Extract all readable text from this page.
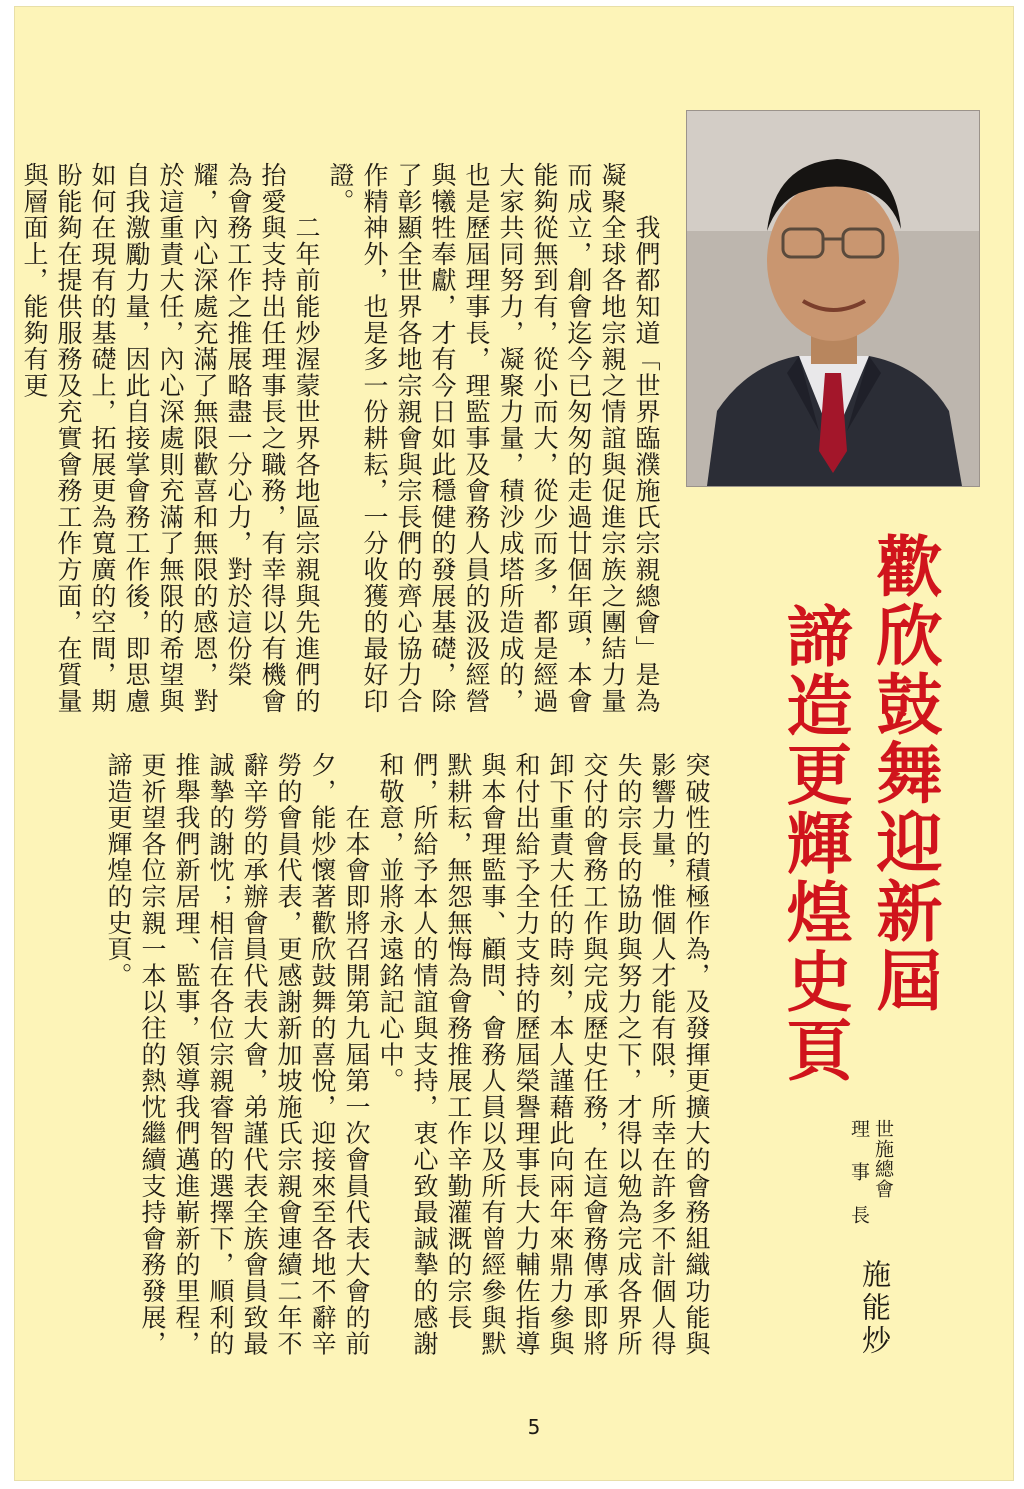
　　我們都知道「世界臨濮施氏宗親總會」是為凝聚全球各地宗親之情誼與促進宗族之團結力量而成立，創會迄今已匆匆的走過廿個年頭，本會能夠從無到有，從小而大，從少而多，都是經過大家共同努力，凝聚力量，積沙成塔所造成的，也是歷屆理事長，理監事及會務人員的汲汲經營與犧牲奉獻，才有今日如此穩健的發展基礎，除了彰顯全世界各地宗親會與宗長們的齊心協力合作精神外，也是多一份耕耘，一分收獲的最好印證。
　　二年前能炒渥蒙世界各地區宗親與先進們的抬愛與支持出任理事長之職務，有幸得以有機會為會務工作之推展略盡一分心力，對於這份榮耀，內心深處充滿了無限歡喜和無限的感恩，對於這重責大任，內心深處則充滿了無限的希望與自我激勵力量，因此自接掌會務工作後，即思慮如何在現有的基礎上，拓展更為寬廣的空間，期盼能夠在提供服務及充實會務工作方面，在質量與層面上，能夠有更
歡欣鼓舞迎新屆
諦造更輝煌史頁
突破性的積極作為，及發揮更擴大的會務組織功能與影響力量，惟個人才能有限，所幸在許多不計個人得失的宗長的協助與努力之下，才得以勉為完成各界所交付的會務工作與完成歷史任務，在這會務傳承即將卸下重責大任的時刻，本人謹藉此向兩年來鼎力參與和付出給予全力支持的歷屆榮譽理事長大力輔佐指導與本會理監事、顧問、會務人員以及所有曾經參與默默耕耘，無怨無悔為會務推展工作辛勤灌溉的宗長們，所給予本人的情誼與支持，衷心致最誠摯的感謝和敬意，並將永遠銘記心中。
　　在本會即將召開第九屆第一次會員代表大會的前夕，能炒懷著歡欣鼓舞的喜悅，迎接來至各地不辭辛勞的會員代表，更感謝新加坡施氏宗親會連續二年不辭辛勞的承辦會員代表大會，弟謹代表全族會員致最誠摯的謝忱；相信在各位宗親睿智的選擇下，順利的推舉我們新居理、監事，領導我們邁進嶄新的里程，更祈望各位宗親一本以往的熱忱繼續支持會務發展，諦造更輝煌的史頁。
世施總會
理 事 長
施能炒
5
